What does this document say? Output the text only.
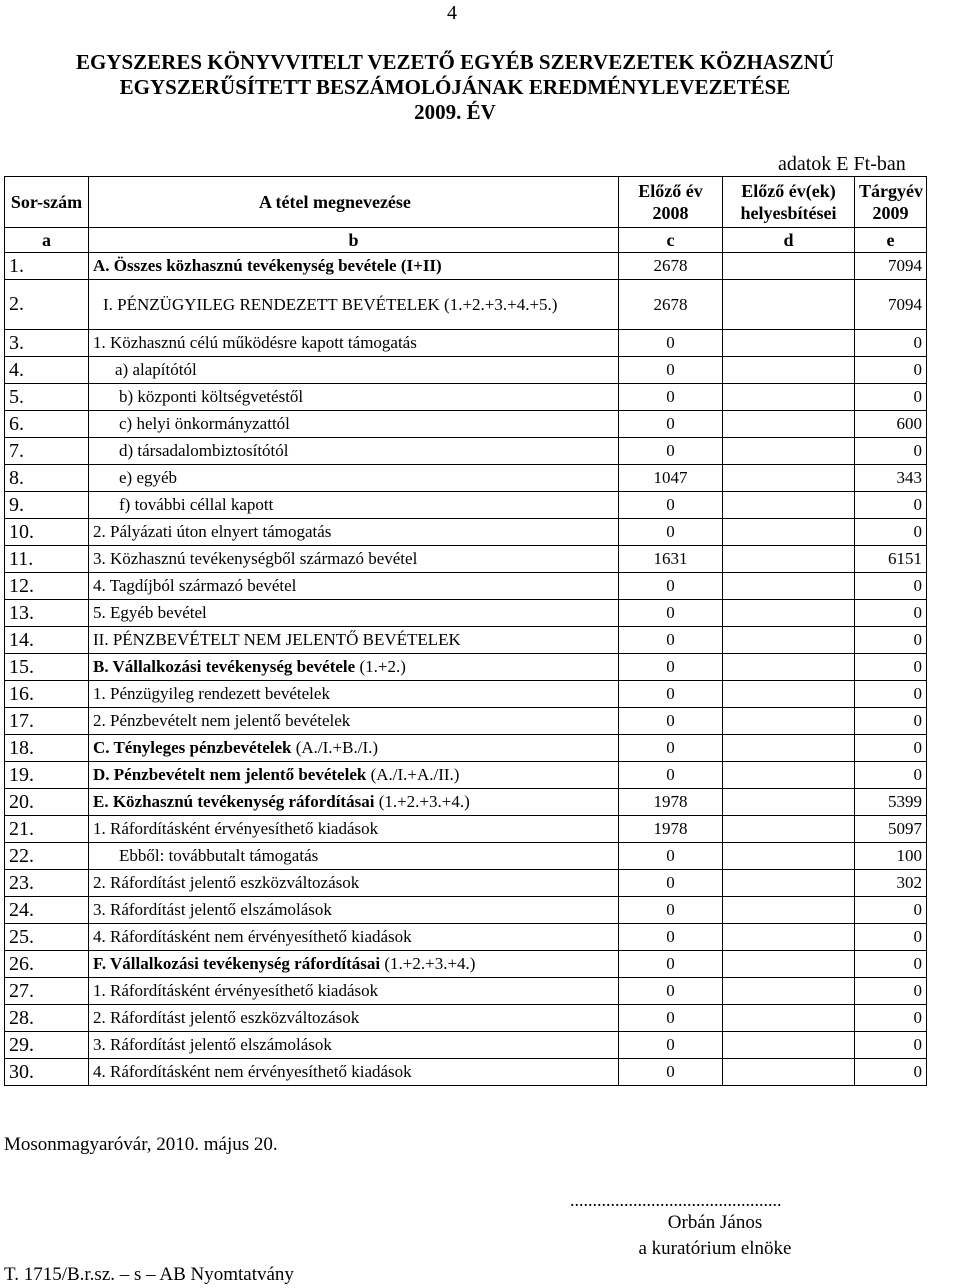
4
EGYSZERES KÖNYVVITELT VEZETŐ EGYÉB SZERVEZETEK KÖZHASZNÚ
EGYSZERŰSÍTETT BESZÁMOLÓJÁNAK EREDMÉNYLEVEZETÉSE
2009. ÉV
adatok E Ft-ban
Sor-szám	A tétel megnevezése	Előző év 2008	Előző év(ek) helyesbítései	Tárgyév 2009
a	b	c	d	e
1.	A. Összes közhasznú tevékenység bevétele (I+II)	2678		7094
2.	I. PÉNZÜGYILEG RENDEZETT BEVÉTELEK (1.+2.+3.+4.+5.)	2678		7094
3.	1. Közhasznú célú működésre kapott támogatás	0		0
4.	a) alapítótól	0		0
5.	b) központi költségvetéstől	0		0
6.	c) helyi önkormányzattól	0		600
7.	d) társadalombiztosítótól	0		0
8.	e) egyéb	1047		343
9.	f) további céllal kapott	0		0
10.	2. Pályázati úton elnyert támogatás	0		0
11.	3. Közhasznú tevékenységből származó bevétel	1631		6151
12.	4. Tagdíjból származó bevétel	0		0
13.	5. Egyéb bevétel	0		0
14.	II. PÉNZBEVÉTELT NEM JELENTŐ BEVÉTELEK	0		0
15.	B. Vállalkozási tevékenység bevétele (1.+2.)	0		0
16.	1. Pénzügyileg rendezett bevételek	0		0
17.	2. Pénzbevételt nem jelentő bevételek	0		0
18.	C. Tényleges pénzbevételek (A./I.+B./I.)	0		0
19.	D. Pénzbevételt nem jelentő bevételek (A./I.+A./II.)	0		0
20.	E. Közhasznú tevékenység ráfordításai (1.+2.+3.+4.)	1978		5399
21.	1. Ráfordításként érvényesíthető kiadások	1978		5097
22.	Ebből: továbbutalt támogatás	0		100
23.	2. Ráfordítást jelentő eszközváltozások	0		302
24.	3. Ráfordítást jelentő elszámolások	0		0
25.	4. Ráfordításként nem érvényesíthető kiadások	0		0
26.	F. Vállalkozási tevékenység ráfordításai (1.+2.+3.+4.)	0		0
27.	1. Ráfordításként érvényesíthető kiadások	0		0
28.	2. Ráfordítást jelentő eszközváltozások	0		0
29.	3. Ráfordítást jelentő elszámolások	0		0
30.	4. Ráfordításként nem érvényesíthető kiadások	0		0
Mosonmagyaróvár, 2010. május 20.
...............................................
Orbán János
a kuratórium elnöke
T. 1715/B.r.sz. – s – AB Nyomtatvány
